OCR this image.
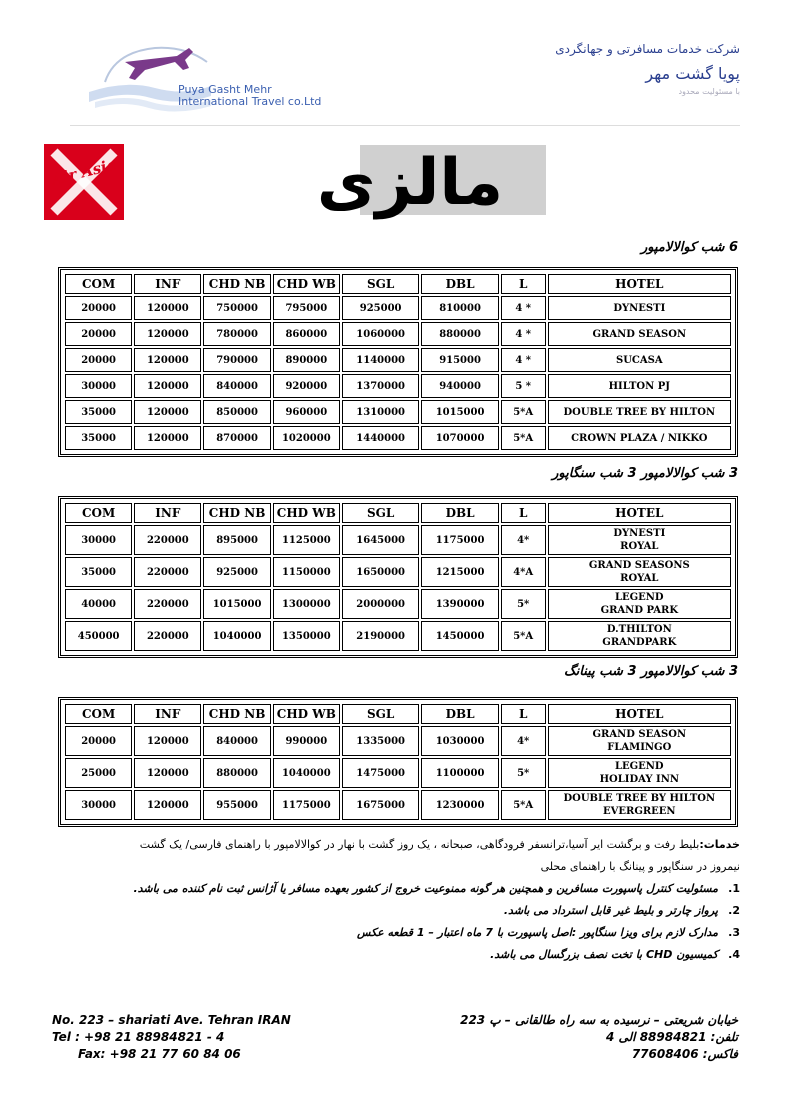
Puya Gasht Mehr
International Travel co.Ltd
شرکت خدمات مسافرتی و جهانگردی
پویا گشت مهر
با مسئولیت محدود
Air Asia	مالزی
6 شب کوالالامپور
COM	INF	CHD NB	CHD WB	SGL	DBL	L	HOTEL
20000	120000	750000	795000	925000	810000	4 *	DYNESTI

20000	120000	780000	860000	1060000	880000	4 *	GRAND SEASON

20000	120000	790000	890000	1140000	915000	4 *	SUCASA

30000	120000	840000	920000	1370000	940000	5 *	HILTON PJ

35000	120000	850000	960000	1310000	1015000	5*A	DOUBLE TREE BY HILTON

35000	120000	870000	1020000	1440000	1070000	5*A	CROWN PLAZA / NIKKO
3 شب کوالالامپور 3 شب سنگاپور
COM	INF	CHD NB	CHD WB	SGL	DBL	L	HOTEL
30000	220000	895000	1125000	1645000	1175000	4*	DYNESTI
ROYAL

35000	220000	925000	1150000	1650000	1215000	4*A	GRAND SEASONS
ROYAL

40000	220000	1015000	1300000	2000000	1390000	5*	LEGEND
GRAND PARK

450000	220000	1040000	1350000	2190000	1450000	5*A	D.THILTON
GRANDPARK
3 شب کوالالامپور 3 شب پینانگ
COM	INF	CHD NB	CHD WB	SGL	DBL	L	HOTEL
20000	120000	840000	990000	1335000	1030000	4*	GRAND SEASON
FLAMINGO

25000	120000	880000	1040000	1475000	1100000	5*	LEGEND
HOLIDAY INN

30000	120000	955000	1175000	1675000	1230000	5*A	DOUBLE TREE BY HILTON
EVERGREEN
خدمات:بلیط رفت و برگشت ایر آسیا،ترانسفر فرودگاهی، صبحانه ، یک روز گشت با نهار در کوالالامپور با راهنمای فارسی/ یک گشت
نیمروز در سنگاپور و پینانگ با راهنمای محلی
1.مسئولیت کنترل پاسپورت مسافرین و همچنین هر گونه ممنوعیت خروج از کشور بعهده مسافر یا آژانس ثبت نام کننده می باشد.
2.پرواز چارتر و بلیط غیر قابل استرداد می باشد.
3.مدارک لازم برای ویزا سنگاپور :اصل پاسپورت با 7 ماه اعتبار – 1 قطعه عکس
4.کمیسیون CHD با تخت نصف بزرگسال می باشد.
No. 223 – shariati Ave. Tehran IRAN
Tel : +98 21 88984821 - 4
Fax: +98 21 77 60 84 06
خیابان شریعتی – نرسیده به سه راه طالقانی – پ 223
تلفن: 88984821 الی 4
فاکس: 77608406
